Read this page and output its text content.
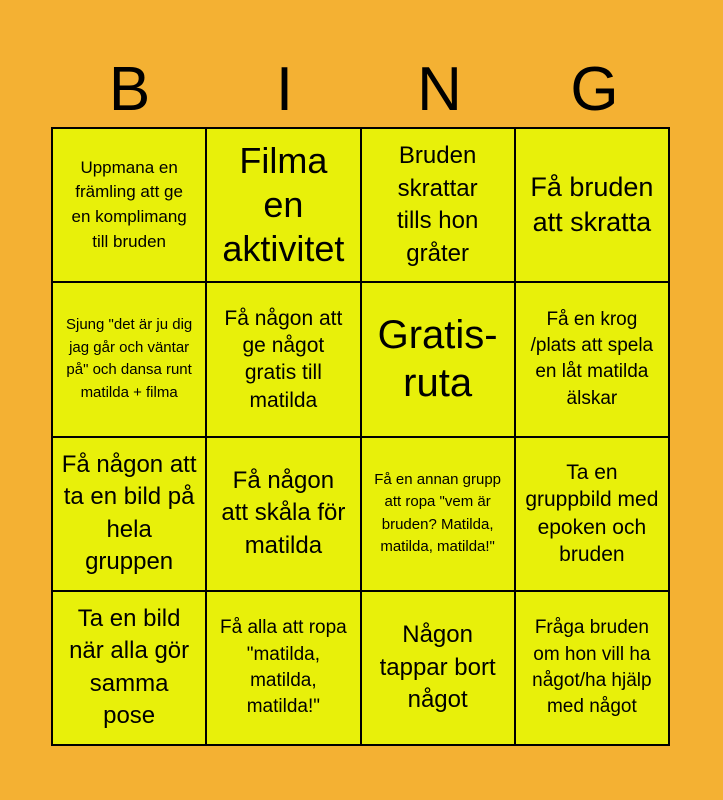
B	I	N	G
Uppmana en främling att ge en komplimang till bruden
Filma en aktivitet
Bruden skrattar tills hon gråter
Få bruden att skratta
Sjung "det är ju dig jag går och väntar på" och dansa runt matilda + filma
Få någon att ge något gratis till matilda
Gratis-ruta
Få en krog /plats att spela en låt matilda älskar
Få någon att ta en bild på hela gruppen
Få någon att skåla för matilda
Få en annan grupp att ropa "vem är bruden? Matilda, matilda, matilda!"
Ta en gruppbild med epoken och bruden
Ta en bild när alla gör samma pose
Få alla att ropa "matilda, matilda, matilda!"
Någon tappar bort något
Fråga bruden om hon vill ha något/ha hjälp med något
